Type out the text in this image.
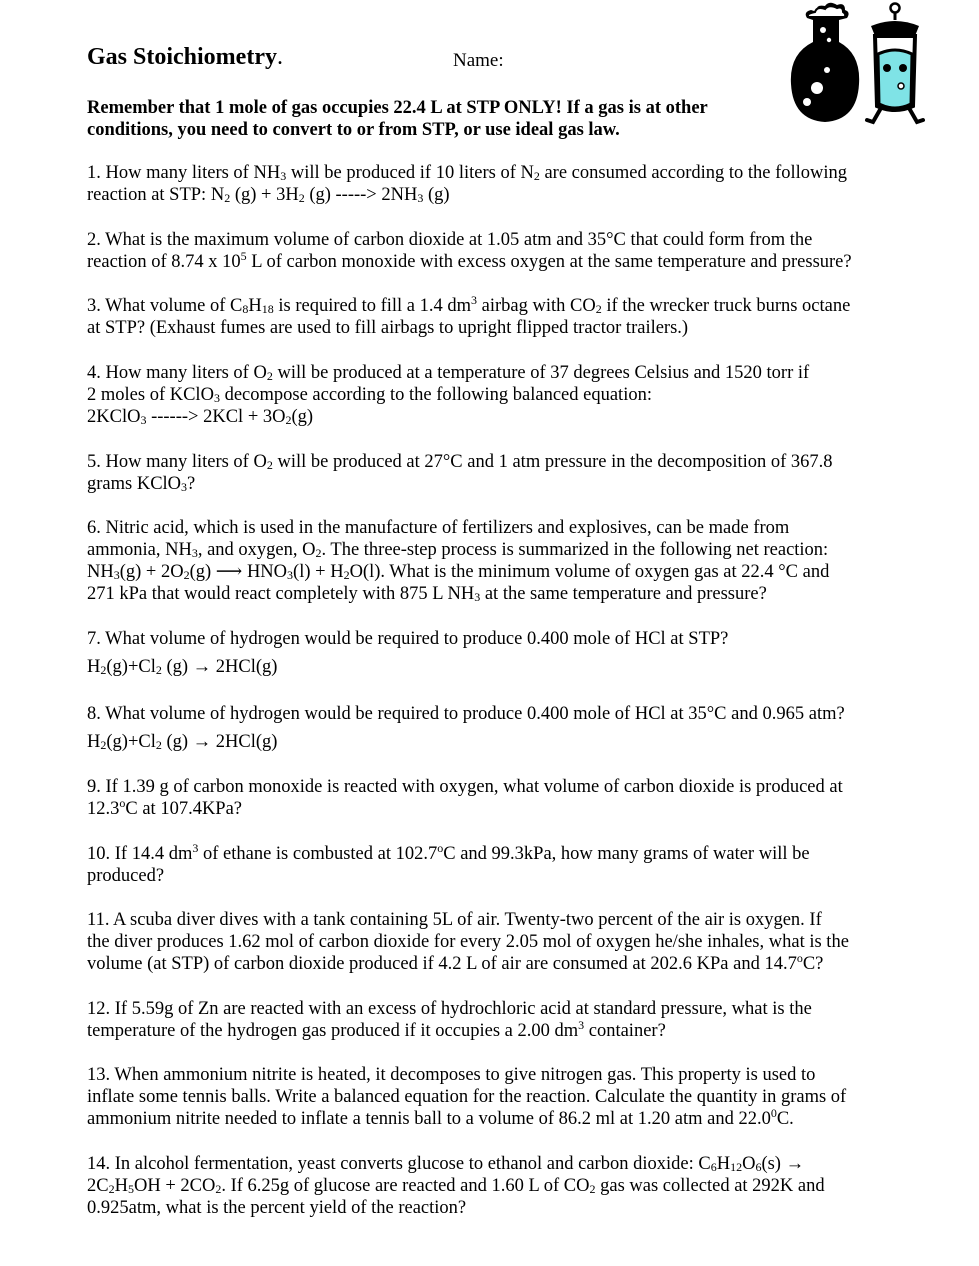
Gas Stoichiometry.	Name:
Remember that 1 mole of gas occupies 22.4 L at STP ONLY! If a gas is at other
conditions, you need to convert to or from STP, or use ideal gas law.
1. How many liters of $NH_3$ will be produced if 10 liters of $N_2$ are consumed according to the following
reaction at STP: $N_2$ $(g) + 3H_2$ (g) -----> $2NH_3$ (g)
2. What is the maximum volume of carbon dioxide at 1.05 atm and 35°C that could form from the
reaction of 8.74 x $10^5$ L of carbon monoxide with excess oxygen at the same temperature and pressure?
3. What volume of $C_8H_{18}$ is required to fill a 1.4 $dm^3$ airbag with $CO_2$ if the wrecker truck burns octane
at STP? (Exhaust fumes are used to fill airbags to upright flipped tractor trailers.)
4. How many liters of $O_2$ will be produced at a temperature of 37 degrees Celsius and 1520 torr if
2 moles of KClO$_3$ decompose according to the following balanced equation:
2KClO$_3$ ------> $2KCl + 3O_2(g)$
5. How many liters of $O_2$ will be produced at 27°C and 1 atm pressure in the decomposition of 367.8
grams KClO$_3$?
6. Nitric acid, which is used in the manufacture of fertilizers and explosives, can be made from
ammonia, $NH_3$, and oxygen, $O_2$. The three-step process is summarized in the following net reaction:
$NH_3(g) + 2O_2(g)$ ⟶ $HNO_3(l) + H_2O(l)$. What is the minimum volume of oxygen gas at 22.4 °C and
271 kPa that would react completely with 875 L $NH_3$ at the same temperature and pressure?
7. What volume of hydrogen would be required to produce 0.400 mole of HCl at STP?
$H_2(g)+Cl_2$ (g) → 2HCl(g)
8. What volume of hydrogen would be required to produce 0.400 mole of HCl at 35°C and 0.965 atm?
$H_2(g)+Cl_2$ (g) → 2HCl(g)
9. If 1.39 g of carbon monoxide is reacted with oxygen, what volume of carbon dioxide is produced at
12.3$^o$C at 107.4KPa?
10. If 14.4 $dm^3$ of ethane is combusted at 102.7$^o$C and 99.3kPa, how many grams of water will be
produced?
11. A scuba diver dives with a tank containing 5L of air. Twenty-two percent of the air is oxygen. If
the diver produces 1.62 mol of carbon dioxide for every 2.05 mol of oxygen he/she inhales, what is the
volume (at STP) of carbon dioxide produced if 4.2 L of air are consumed at 202.6 KPa and 14.7$^o$C?
12. If 5.59g of Zn are reacted with an excess of hydrochloric acid at standard pressure, what is the
temperature of the hydrogen gas produced if it occupies a 2.00 $dm^3$ container?
13. When ammonium nitrite is heated, it decomposes to give nitrogen gas. This property is used to
inflate some tennis balls. Write a balanced equation for the reaction. Calculate the quantity in grams of
ammonium nitrite needed to inflate a tennis ball to a volume of 86.2 ml at 1.20 atm and 22.0$^0$C.
14. In alcohol fermentation, yeast converts glucose to ethanol and carbon dioxide: $C_6H_{12}O_6(s)$ →
$2C_2H_5OH + 2CO_2$. If 6.25g of glucose are reacted and 1.60 L of $CO_2$ gas was collected at 292K and
0.925atm, what is the percent yield of the reaction?
